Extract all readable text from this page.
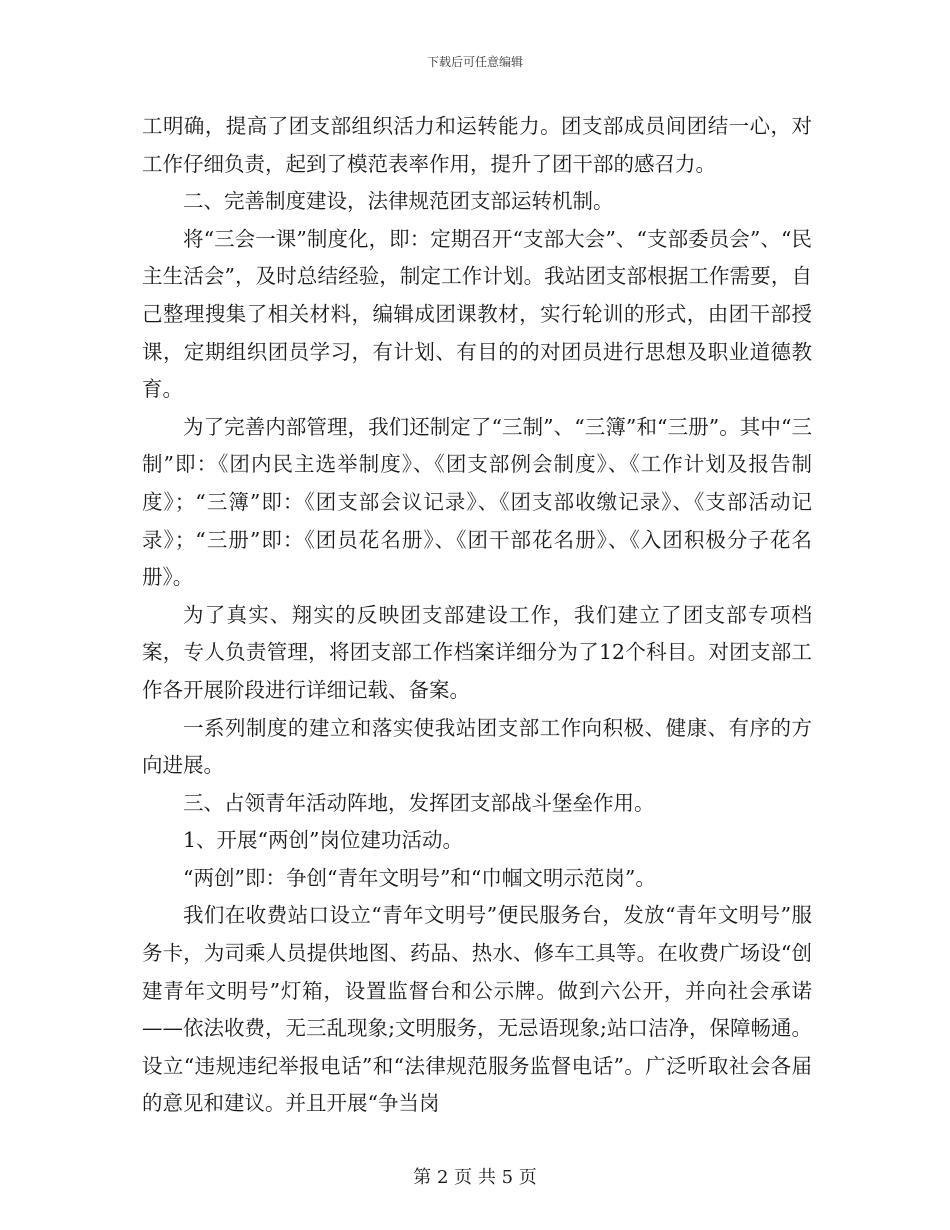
下载后可任意编辑

工明确，提高了团支部组织活力和运转能力。团支部成员间团结一心，对工作仔细负责，起到了模范表率作用，提升了团干部的感召力。

二、完善制度建设，法律规范团支部运转机制。

将“三会一课”制度化，即：定期召开“支部大会”、“支部委员会”、“民主生活会”，及时总结经验，制定工作计划。我站团支部根据工作需要，自己整理搜集了相关材料，编辑成团课教材，实行轮训的形式，由团干部授课，定期组织团员学习，有计划、有目的的对团员进行思想及职业道德教育。

为了完善内部管理，我们还制定了“三制”、“三簿”和“三册”。其中“三制”即：《团内民主选举制度》、《团支部例会制度》、《工作计划及报告制度》；“三簿”即：《团支部会议记录》、《团支部收缴记录》、《支部活动记录》；“三册”即：《团员花名册》、《团干部花名册》、《入团积极分子花名册》。

为了真实、翔实的反映团支部建设工作，我们建立了团支部专项档案，专人负责管理，将团支部工作档案详细分为了12个科目。对团支部工作各开展阶段进行详细记载、备案。

一系列制度的建立和落实使我站团支部工作向积极、健康、有序的方向进展。

三、占领青年活动阵地，发挥团支部战斗堡垒作用。

1、开展“两创”岗位建功活动。

“两创”即：争创“青年文明号”和“巾帼文明示范岗”。

我们在收费站口设立“青年文明号”便民服务台，发放“青年文明号”服务卡，为司乘人员提供地图、药品、热水、修车工具等。在收费广场设“创建青年文明号”灯箱，设置监督台和公示牌。做到六公开，并向社会承诺——依法收费，无三乱现象;文明服务，无忌语现象;站口洁净，保障畅通。设立“违规违纪举报电话”和“法律规范服务监督电话”。广泛听取社会各届的意见和建议。并且开展“争当岗

第 2 页 共 5 页
